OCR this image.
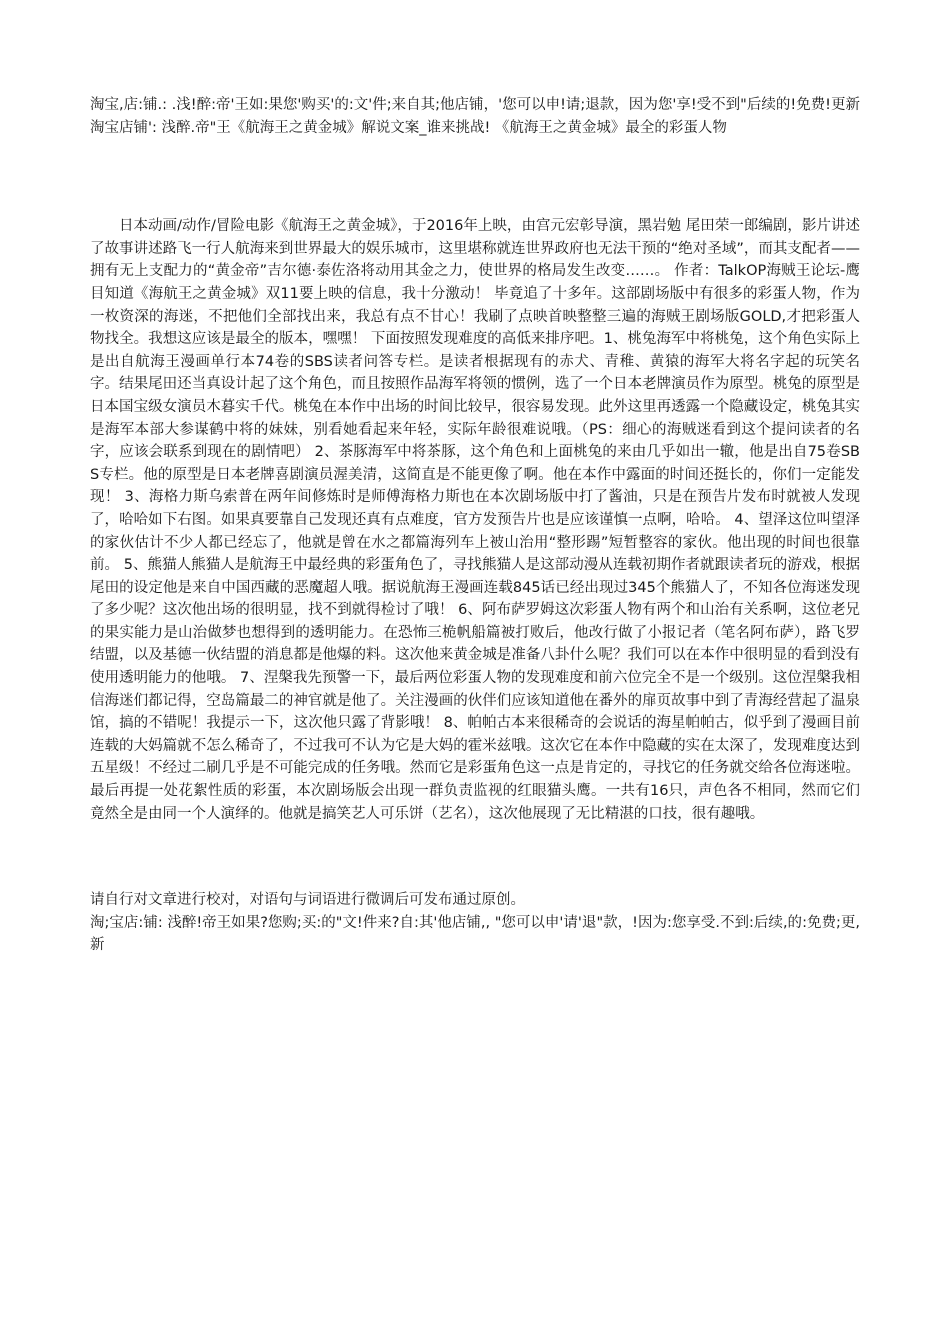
淘宝,店:铺.: .浅!醉:帝'王如:果您'购买'的:文'件;来自其;他店铺，'您可以申!请;退款，因为您'享!受不到"后续的!免费!更新淘宝店铺': 浅醉.帝"王《航海王之黄金城》解说文案_谁来挑战! 《航海王之黄金城》最全的彩蛋人物

日本动画/动作/冒险电影《航海王之黄金城》，于2016年上映，由宫元宏彰导演，黑岩勉 尾田荣一郎编剧，影片讲述了故事讲述路飞一行人航海来到世界最大的娱乐城市，这里堪称就连世界政府也无法干预的“绝对圣域”，而其支配者——拥有无上支配力的“黄金帝”吉尔德·泰佐洛将动用其金之力，使世界的格局发生改变……。 作者：TalkOP海贼王论坛-鹰目知道《海航王之黄金城》双11要上映的信息，我十分激动！ 毕竟追了十多年。这部剧场版中有很多的彩蛋人物，作为一枚资深的海迷，不把他们全部找出来，我总有点不甘心！我刷了点映首映整整三遍的海贼王剧场版GOLD,才把彩蛋人物找全。我想这应该是最全的版本，嘿嘿！ 下面按照发现难度的高低来排序吧。1、桃兔海军中将桃兔，这个角色实际上是出自航海王漫画单行本74卷的SBS读者问答专栏。是读者根据现有的赤犬、青稚、黄猿的海军大将名字起的玩笑名字。结果尾田还当真设计起了这个角色，而且按照作品海军将领的惯例，选了一个日本老牌演员作为原型。桃兔的原型是日本国宝级女演员木暮实千代。桃兔在本作中出场的时间比较早，很容易发现。此外这里再透露一个隐藏设定，桃兔其实是海军本部大参谋鹤中将的妹妹，别看她看起来年轻，实际年龄很难说哦。（PS：细心的海贼迷看到这个提问读者的名字，应该会联系到现在的剧情吧） 2、茶豚海军中将茶豚，这个角色和上面桃兔的来由几乎如出一辙，他是出自75卷SBS专栏。他的原型是日本老牌喜剧演员渥美清，这简直是不能更像了啊。他在本作中露面的时间还挺长的，你们一定能发现！ 3、海格力斯乌索普在两年间修炼时是师傅海格力斯也在本次剧场版中打了酱油，只是在预告片发布时就被人发现了，哈哈如下右图。如果真要靠自己发现还真有点难度，官方发预告片也是应该谨慎一点啊，哈哈。 4、望泽这位叫望泽的家伙估计不少人都已经忘了，他就是曾在水之都篇海列车上被山治用“整形踢”短暂整容的家伙。他出现的时间也很靠前。 5、熊猫人熊猫人是航海王中最经典的彩蛋角色了，寻找熊猫人是这部动漫从连载初期作者就跟读者玩的游戏，根据尾田的设定他是来自中国西藏的恶魔超人哦。据说航海王漫画连载845话已经出现过345个熊猫人了，不知各位海迷发现了多少呢？这次他出场的很明显，找不到就得检讨了哦！ 6、阿布萨罗姆这次彩蛋人物有两个和山治有关系啊，这位老兄的果实能力是山治做梦也想得到的透明能力。在恐怖三桅帆船篇被打败后，他改行做了小报记者（笔名阿布萨），路飞罗结盟，以及基德一伙结盟的消息都是他爆的料。这次他来黄金城是准备八卦什么呢？我们可以在本作中很明显的看到没有使用透明能力的他哦。 7、涅槃我先预警一下，最后两位彩蛋人物的发现难度和前六位完全不是一个级别。这位涅槃我相信海迷们都记得，空岛篇最二的神官就是他了。关注漫画的伙伴们应该知道他在番外的扉页故事中到了青海经营起了温泉馆，搞的不错呢！我提示一下，这次他只露了背影哦！ 8、帕帕古本来很稀奇的会说话的海星帕帕古，似乎到了漫画目前连载的大妈篇就不怎么稀奇了，不过我可不认为它是大妈的霍米兹哦。这次它在本作中隐藏的实在太深了，发现难度达到五星级！不经过二刷几乎是不可能完成的任务哦。然而它是彩蛋角色这一点是肯定的，寻找它的任务就交给各位海迷啦。 最后再提一处花絮性质的彩蛋，本次剧场版会出现一群负责监视的红眼猫头鹰。一共有16只，声色各不相同，然而它们竟然全是由同一个人演绎的。他就是搞笑艺人可乐饼（艺名），这次他展现了无比精湛的口技，很有趣哦。

请自行对文章进行校对，对语句与词语进行微调后可发布通过原创。
淘;宝店:铺: 浅醉!帝王如果?您购;买:的"文!件来?自:其'他店铺,, "您可以申'请'退"款，!因为:您享受.不到:后续,的:免费;更,新
